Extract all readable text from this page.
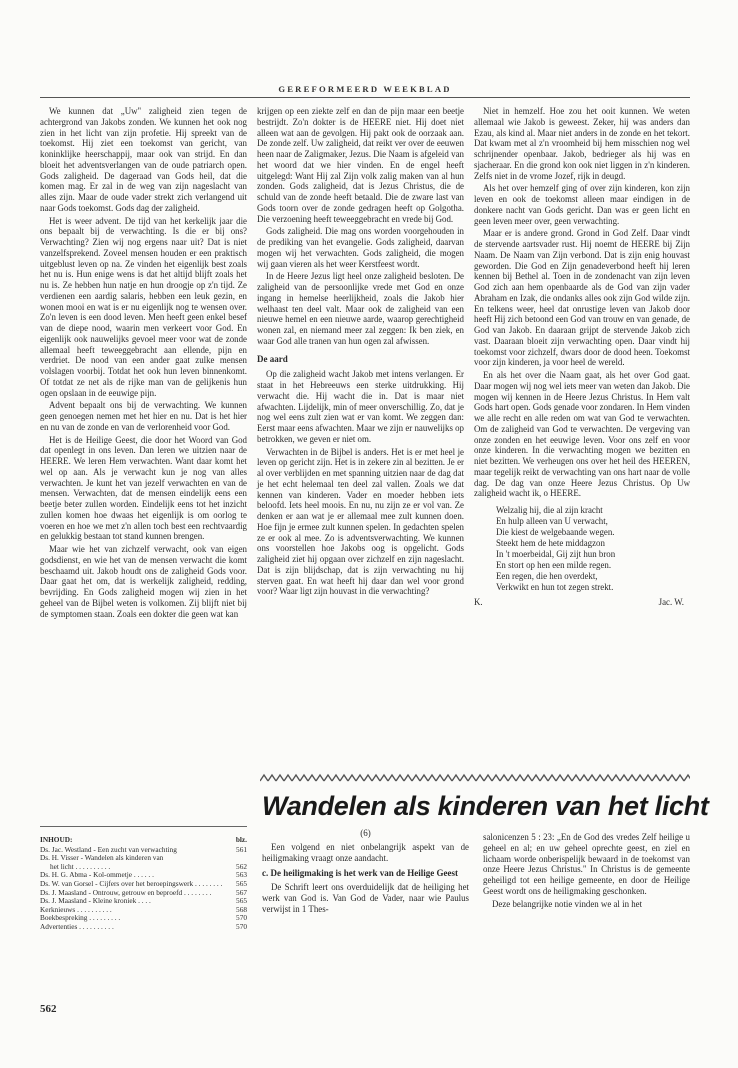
GEREFORMEERD WEEKBLAD

We kunnen dat „Uw" zaligheid zien tegen de achtergrond van Jakobs zonden. We kunnen het ook nog zien in het licht van zijn profetie. Hij spreekt van de toekomst. Hij ziet een toekomst van gericht, van koninklijke heerschappij, maar ook van strijd. En dan bloeit het adventsverlangen van de oude patriarch open. Gods zaligheid. De dageraad van Gods heil, dat die komen mag. Er zal in de weg van zijn nageslacht van alles zijn. Maar de oude vader strekt zich verlangend uit naar Gods toekomst. Gods dag der zaligheid.

Het is weer advent. De tijd van het kerkelijk jaar die ons bepaalt bij de verwachting. Is die er bij ons? Verwachting? Zien wij nog ergens naar uit? Dat is niet vanzelfsprekend. Zoveel mensen houden er een praktisch uitgeblust leven op na. Ze vinden het eigenlijk best zoals het nu is. Hun enige wens is dat het altijd blijft zoals het nu is. Ze hebben hun natje en hun droogje op z'n tijd. Ze verdienen een aardig salaris, hebben een leuk gezin, en wonen mooi en wat is er nu eigenlijk nog te wensen over. Zo'n leven is een dood leven. Men heeft geen enkel besef van de diepe nood, waarin men verkeert voor God. En eigenlijk ook nauwelijks gevoel meer voor wat de zonde allemaal heeft teweeggebracht aan ellende, pijn en verdriet. De nood van een ander gaat zulke mensen volslagen voorbij. Totdat het ook hun leven binnenkomt. Of totdat ze net als de rijke man van de gelijkenis hun ogen opslaan in de eeuwige pijn.

Advent bepaalt ons bij de verwachting. We kunnen geen genoegen nemen met het hier en nu. Dat is het hier en nu van de zonde en van de verlorenheid voor God.

Het is de Heilige Geest, die door het Woord van God dat openlegt in ons leven. Dan leren we uitzien naar de HEERE. We leren Hem verwachten. Want daar komt het wel op aan. Als je verwacht kun je nog van alles verwachten. Je kunt het van jezelf verwachten en van de mensen. Verwachten, dat de mensen eindelijk eens een beetje beter zullen worden. Eindelijk eens tot het inzicht zullen komen hoe dwaas het eigenlijk is om oorlog te voeren en hoe we met z'n allen toch best een rechtvaardig en gelukkig bestaan tot stand kunnen brengen.

Maar wie het van zichzelf verwacht, ook van eigen godsdienst, en wie het van de mensen verwacht die komt beschaamd uit. Jakob houdt ons de zaligheid Gods voor. Daar gaat het om, dat is werkelijk zaligheid, redding, bevrijding. En Gods zaligheid mogen wij zien in het geheel van de Bijbel weten is volkomen. Zij blijft niet bij de symptomen staan. Zoals een dokter die geen wat kan

krijgen op een ziekte zelf en dan de pijn maar een beetje bestrijdt. Zo'n dokter is de HEERE niet. Hij doet niet alleen wat aan de gevolgen. Hij pakt ook de oorzaak aan. De zonde zelf. Uw zaligheid, dat reikt ver over de eeuwen heen naar de Zaligmaker, Jezus. Die Naam is afgeleid van het woord dat we hier vinden. En de engel heeft uitgelegd: Want Hij zal Zijn volk zalig maken van al hun zonden. Gods zaligheid, dat is Jezus Christus, die de schuld van de zonde heeft betaald. Die de zware last van Gods toorn over de zonde gedragen heeft op Golgotha. Die verzoening heeft teweeggebracht en vrede bij God.

Gods zaligheid. Die mag ons worden voorgehouden in de prediking van het evangelie. Gods zaligheid, daarvan mogen wij het verwachten. Gods zaligheid, die mogen wij gaan vieren als het weer Kerstfeest wordt.

In de Heere Jezus ligt heel onze zaligheid besloten. De zaligheid van de persoonlijke vrede met God en onze ingang in hemelse heerlijkheid, zoals die Jakob hier welhaast ten deel valt. Maar ook de zaligheid van een nieuwe hemel en een nieuwe aarde, waarop gerechtigheid wonen zal, en niemand meer zal zeggen: Ik ben ziek, en waar God alle tranen van hun ogen zal afwissen.

De aard

Op die zaligheid wacht Jakob met intens verlangen. Er staat in het Hebreeuws een sterke uitdrukking. Hij verwacht die. Hij wacht die in. Dat is maar niet afwachten. Lijdelijk, min of meer onverschillig. Zo, dat je nog wel eens zult zien wat er van komt. We zeggen dan: Eerst maar eens afwachten. Maar we zijn er nauwelijks op betrokken, we geven er niet om.

Verwachten in de Bijbel is anders. Het is er met heel je leven op gericht zijn. Het is in zekere zin al bezitten. Je er al over verblijden en met spanning uitzien naar de dag dat je het echt helemaal ten deel zal vallen. Zoals we dat kennen van kinderen. Vader en moeder hebben iets beloofd. Iets heel moois. En nu, nu zijn ze er vol van. Ze denken er aan wat je er allemaal mee zult kunnen doen. Hoe fijn je ermee zult kunnen spelen. In gedachten spelen ze er ook al mee. Zo is adventsverwachting. We kunnen ons voorstellen hoe Jakobs oog is opgelicht. Gods zaligheid ziet hij opgaan over zichzelf en zijn nageslacht. Dat is zijn blijdschap, dat is zijn verwachting nu hij sterven gaat. En wat heeft hij daar dan wel voor grond voor? Waar ligt zijn houvast in die verwachting?

Niet in hemzelf. Hoe zou het ooit kunnen. We weten allemaal wie Jakob is geweest. Zeker, hij was anders dan Ezau, als kind al. Maar niet anders in de zonde en het tekort. Dat kwam met al z'n vroomheid bij hem misschien nog wel schrijnender openbaar. Jakob, bedrieger als hij was en sjacheraar. En die grond kon ook niet liggen in z'n kinderen. Zelfs niet in de vrome Jozef, rijk in deugd.

Als het over hemzelf ging of over zijn kinderen, kon zijn leven en ook de toekomst alleen maar eindigen in de donkere nacht van Gods gericht. Dan was er geen licht en geen leven meer over, geen verwachting.

Maar er is andere grond. Grond in God Zelf. Daar vindt de stervende aartsvader rust. Hij noemt de HEERE bij Zijn Naam. De Naam van Zijn verbond. Dat is zijn enig houvast geworden. Die God en Zijn genadeverbond heeft hij leren kennen bij Bethel al. Toen in de zondenacht van zijn leven God zich aan hem openbaarde als de God van zijn vader Abraham en Izak, die ondanks alles ook zijn God wilde zijn. En telkens weer, heel dat onrustige leven van Jakob door heeft Hij zich betoond een God van trouw en van genade, de God van Jakob. En daaraan grijpt de stervende Jakob zich vast. Daaraan bloeit zijn verwachting open. Daar vindt hij toekomst voor zichzelf, dwars door de dood heen. Toekomst voor zijn kinderen, ja voor heel de wereld.

En als het over die Naam gaat, als het over God gaat. Daar mogen wij nog wel iets meer van weten dan Jakob. Die mogen wij kennen in de Heere Jezus Christus. In Hem valt Gods hart open. Gods genade voor zondaren. In Hem vinden we alle recht en alle reden om wat van God te verwachten. Om de zaligheid van God te verwachten. De vergeving van onze zonden en het eeuwige leven. Voor ons zelf en voor onze kinderen. In die verwachting mogen we bezitten en niet bezitten. We verheugen ons over het heil des HEEREN, maar tegelijk reikt de verwachting van ons hart naar de volle dag. De dag van onze Heere Jezus Christus. Op Uw zaligheid wacht ik, o HEERE.

Welzalig hij, die al zijn kracht
En hulp alleen van U verwacht,
Die kiest de welgebaande wegen.
Steekt hem de hete middagzon
In 't moerbeidal, Gij zijt hun bron
En stort op hen een milde regen.
Een regen, die hen overdekt,
Verkwikt en hun tot zegen strekt.
K.	Jac. W.
INHOUD:	blz.
Ds. Jac. Westland - Een zucht van verwachting	561
Ds. H. Visser - Wandelen als kinderen van
het licht . . . . . . . . . .	562
Ds. H. G. Abma - Kol-ommetje . . . . . .	563
Ds. W. van Gorsel - Cijfers over het beroepingswerk . . . . . . . .	565
Ds. J. Maasland - Ontrouw, getrouw en beproefd . . . . . . . .	567
Ds. J. Maasland - Kleine kroniek . . . .	565
Kerknieuws . . . . . . . . . .	568
Boekbespreking . . . . . . . . .	570
Advertenties . . . . . . . . . .	570
562
Wandelen als kinderen van het licht
(6)

Een volgend en niet onbelangrijk aspekt van de heiligmaking vraagt onze aandacht.

c. De heiligmaking is het werk van de Heilige Geest

De Schrift leert ons overduidelijk dat de heiliging het werk van God is. Van God de Vader, naar wie Paulus verwijst in 1 Thes-

salonicenzen 5 : 23: „En de God des vredes Zelf heilige u geheel en al; en uw geheel oprechte geest, en ziel en lichaam worde onberispelijk bewaard in de toekomst van onze Heere Jezus Christus." In Christus is de gemeente geheiligd tot een heilige gemeente, en door de Heilige Geest wordt ons de heiligmaking geschonken.

Deze belangrijke notie vinden we al in het
